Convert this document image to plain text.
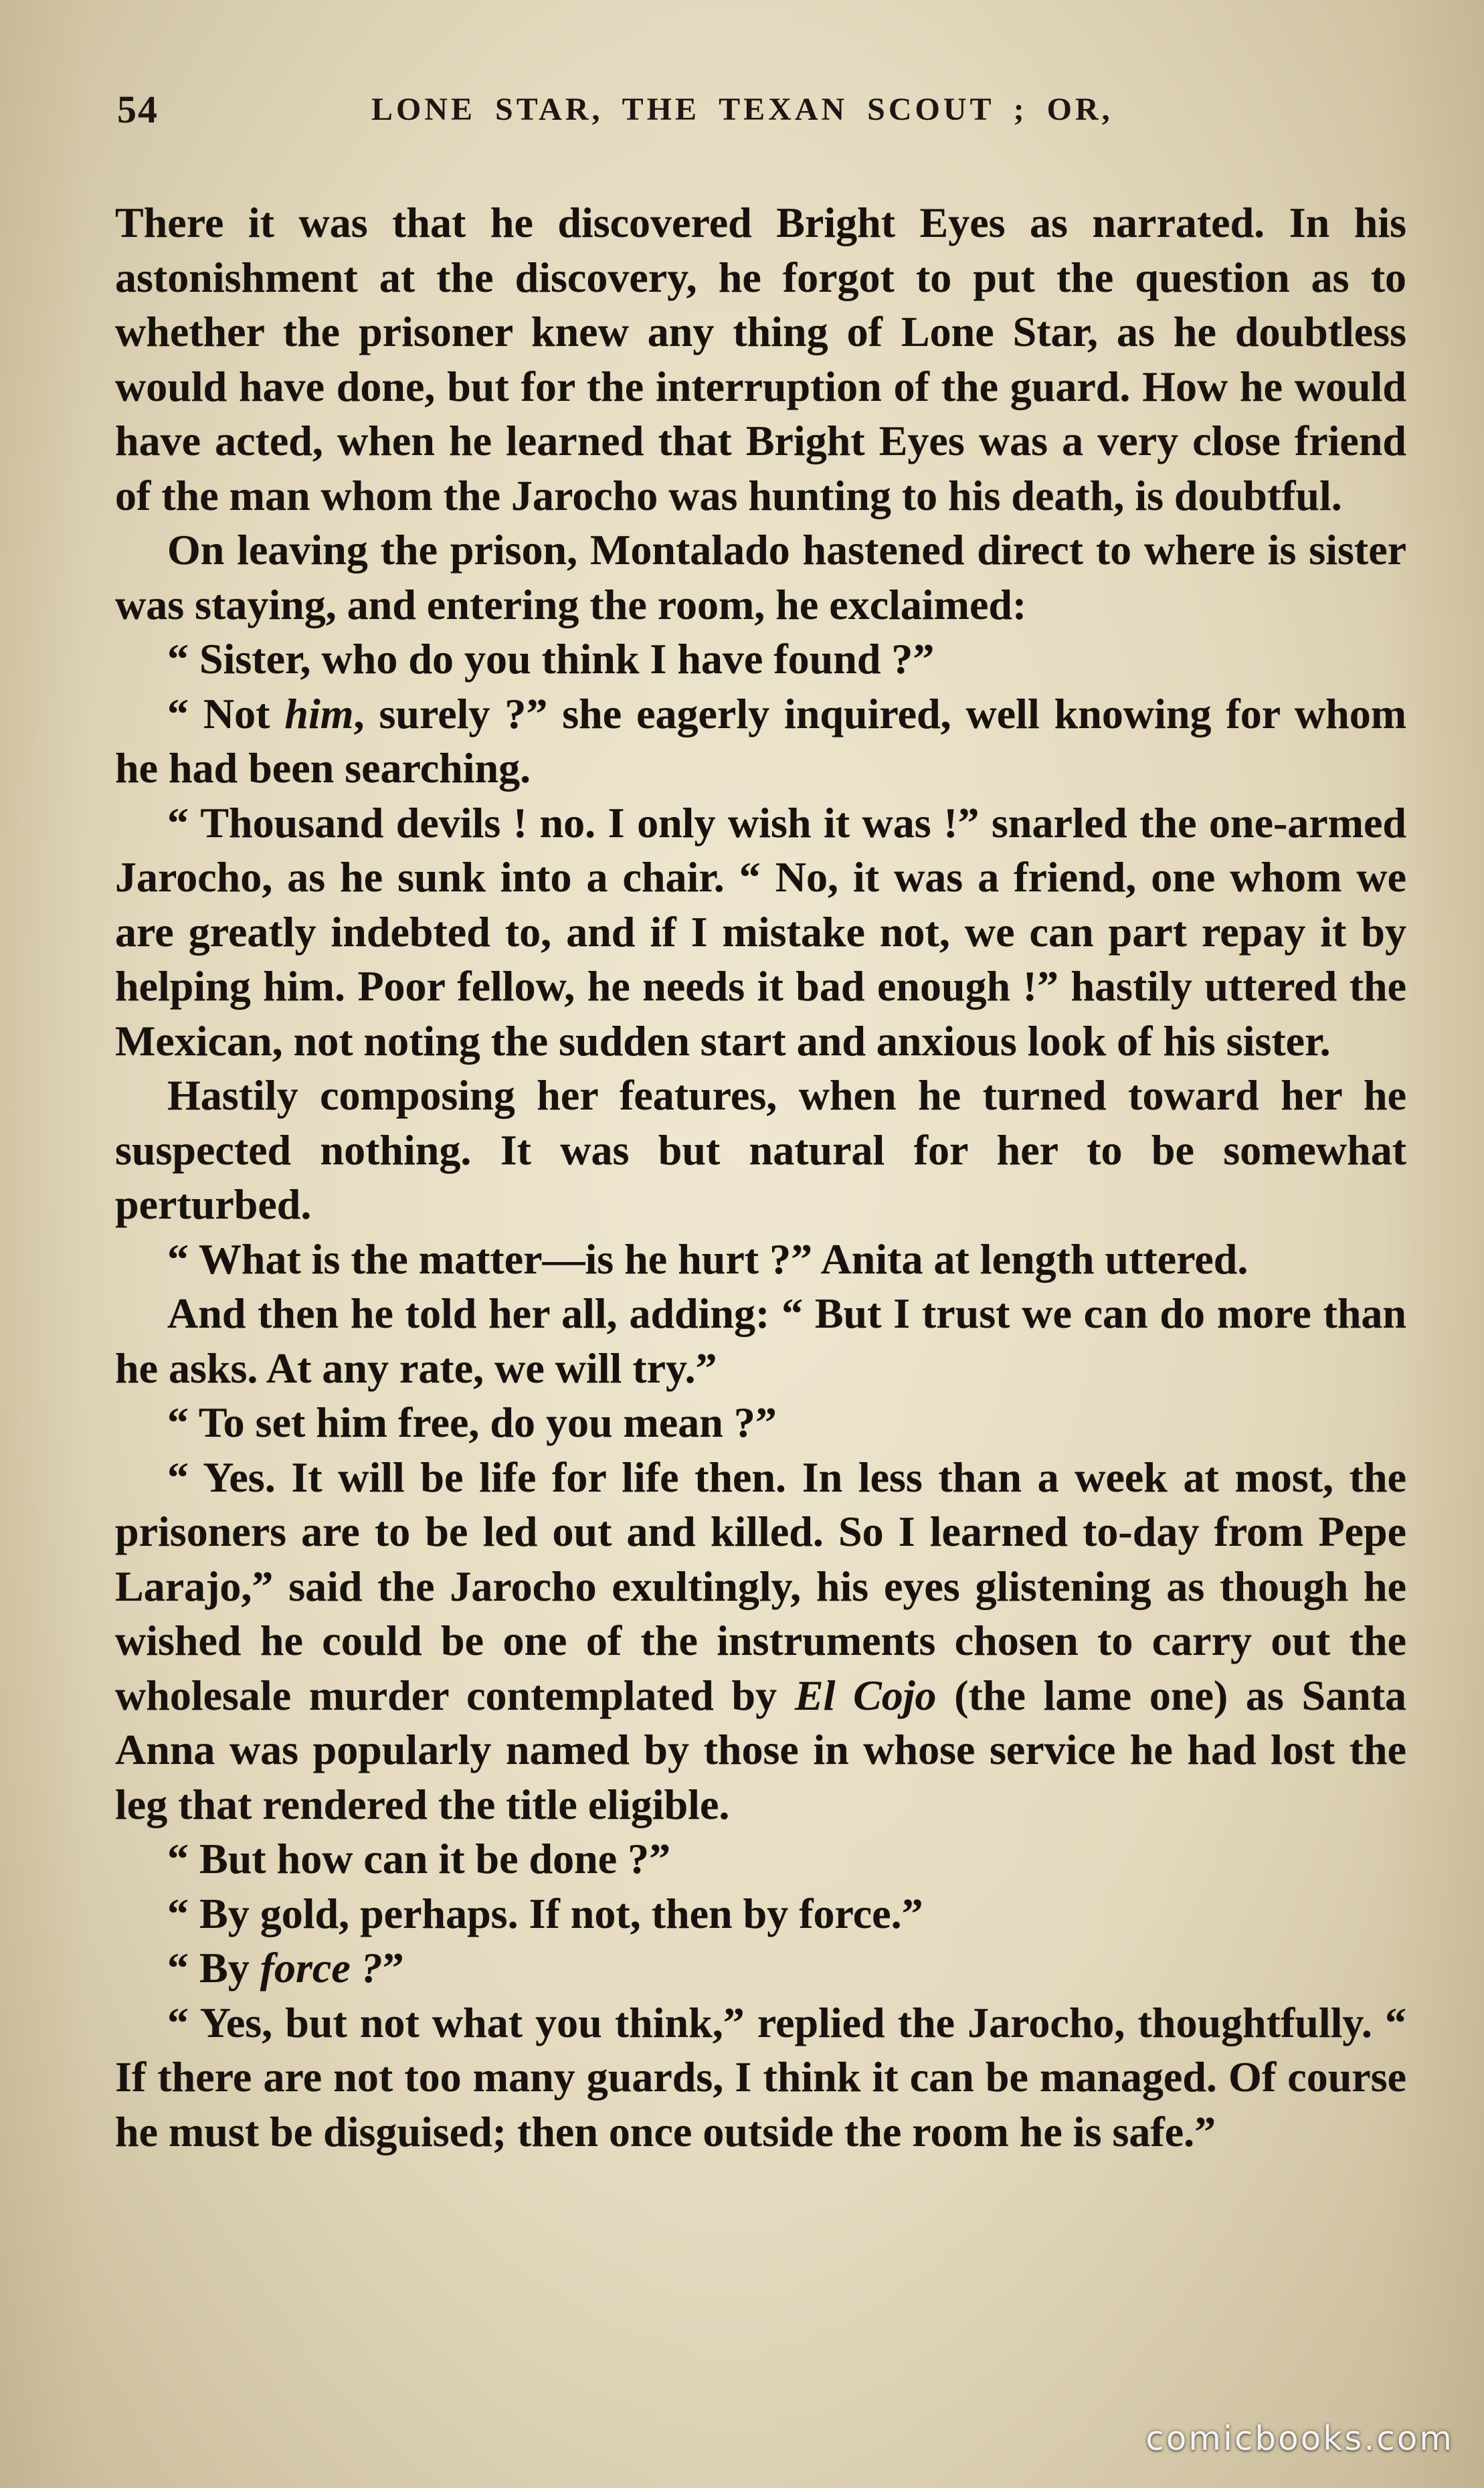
54	LONE STAR, THE TEXAN SCOUT ; OR,

There it was that he discovered Bright Eyes as narrated. In his astonishment at the discovery, he forgot to put the question as to whether the prisoner knew any thing of Lone Star, as he doubtless would have done, but for the interruption of the guard. How he would have acted, when he learned that Bright Eyes was a very close friend of the man whom the Jarocho was hunting to his death, is doubtful.

On leaving the prison, Montalado hastened direct to where is sister was staying, and entering the room, he exclaimed:

“ Sister, who do you think I have found ?”

“ Not him, surely ?” she eagerly inquired, well knowing for whom he had been searching.

“ Thousand devils ! no. I only wish it was !” snarled the one-armed Jarocho, as he sunk into a chair. “ No, it was a friend, one whom we are greatly indebted to, and if I mistake not, we can part repay it by helping him. Poor fellow, he needs it bad enough !” hastily uttered the Mexican, not noting the sudden start and anxious look of his sister.

Hastily composing her features, when he turned toward her he suspected nothing. It was but natural for her to be somewhat perturbed.

“ What is the matter—is he hurt ?” Anita at length uttered.

And then he told her all, adding: “ But I trust we can do more than he asks. At any rate, we will try.”

“ To set him free, do you mean ?”

“ Yes. It will be life for life then. In less than a week at most, the prisoners are to be led out and killed. So I learned to-day from Pepe Larajo,” said the Jarocho exultingly, his eyes glistening as though he wished he could be one of the instruments chosen to carry out the wholesale murder contemplated by El Cojo (the lame one) as Santa Anna was popularly named by those in whose service he had lost the leg that rendered the title eligible.

“ But how can it be done ?”

“ By gold, perhaps. If not, then by force.”

“ By force ?”

“ Yes, but not what you think,” replied the Jarocho, thoughtfully. “ If there are not too many guards, I think it can be managed. Of course he must be disguised; then once outside the room he is safe.”

comicbooks.com
